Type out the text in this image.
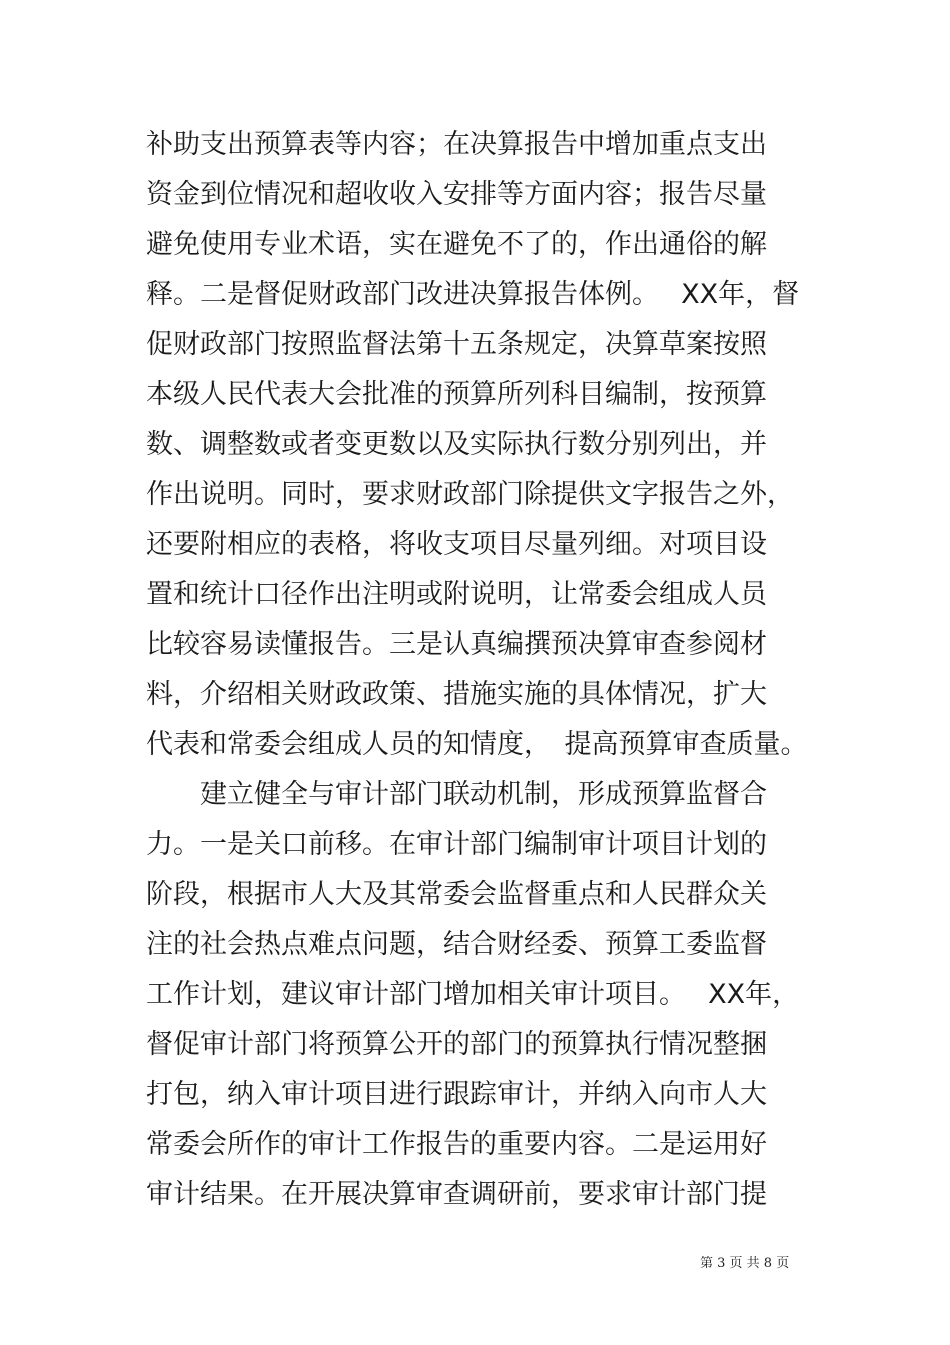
补助支出预算表等内容；在决算报告中增加重点支出
资金到位情况和超收收入安排等方面内容；报告尽量
避免使用专业术语，实在避免不了的，作出通俗的解
释。二是督促财政部门改进决算报告体例。　 XX年，督
促财政部门按照监督法第十五条规定，决算草案按照
本级人民代表大会批准的预算所列科目编制，按预算
数、调整数或者变更数以及实际执行数分别列出，并
作出说明。同时，要求财政部门除提供文字报告之外，
还要附相应的表格，将收支项目尽量列细。对项目设
置和统计口径作出注明或附说明，让常委会组成人员
比较容易读懂报告。三是认真编撰预决算审查参阅材
料，介绍相关财政政策、措施实施的具体情况，扩大
代表和常委会组成人员的知情度，　提高预算审查质量。
　　建立健全与审计部门联动机制，形成预算监督合
力。一是关口前移。在审计部门编制审计项目计划的
阶段，根据市人大及其常委会监督重点和人民群众关
注的社会热点难点问题，结合财经委、预算工委监督
工作计划，建议审计部门增加相关审计项目。　 XX年，
督促审计部门将预算公开的部门的预算执行情况整捆
打包，纳入审计项目进行跟踪审计，并纳入向市人大
常委会所作的审计工作报告的重要内容。二是运用好
审计结果。在开展决算审查调研前，要求审计部门提
第 3 页 共 8 页
